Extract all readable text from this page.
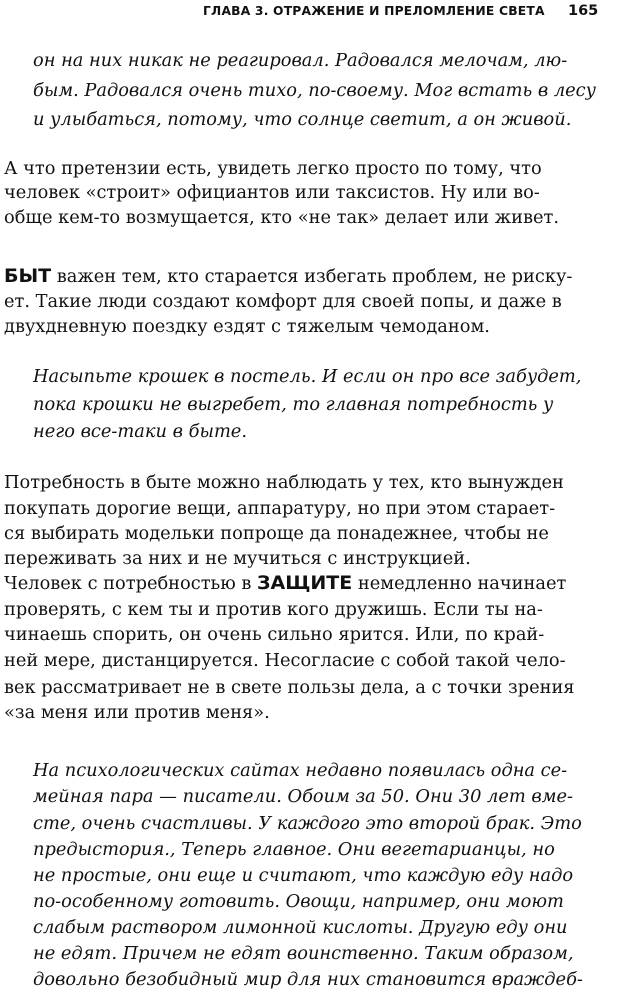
ГЛАВА 3. ОТРАЖЕНИЕ И ПРЕЛОМЛЕНИЕ СВЕТА 165
он на них никак не реагировал. Радовался мелочам, лю-
бым. Радовался очень тихо, по-своему. Мог встать в лесу
и улыбаться, потому, что солнце светит, а он живой.
А что претензии есть, увидеть легко просто по тому, что
человек «строит» официантов или таксистов. Ну или во-
обще кем-то возмущается, кто «не так» делает или живет.
БЫТ важен тем, кто старается избегать проблем, не риску-
ет. Такие люди создают комфорт для своей попы, и даже в
двухдневную поездку ездят с тяжелым чемоданом.
Насыпьте крошек в постель. И если он про все забудет,
пока крошки не выгребет, то главная потребность у
него все-таки в быте.
Потребность в быте можно наблюдать у тех, кто вынужден
покупать дорогие вещи, аппаратуру, но при этом старает-
ся выбирать модельки попроще да понадежнее, чтобы не
переживать за них и не мучиться с инструкцией.
Человек с потребностью в ЗАЩИТЕ немедленно начинает
проверять, с кем ты и против кого дружишь. Если ты на-
чинаешь спорить, он очень сильно ярится. Или, по край-
ней мере, дистанцируется. Несогласие с собой такой чело-
век рассматривает не в свете пользы дела, а с точки зрения
«за меня или против меня».
На психологических сайтах недавно появилась одна се-
мейная пара — писатели. Обоим за 50. Они 30 лет вме-
сте, очень счастливы. У каждого это второй брак. Это
предыстория., Теперь главное. Они вегетарианцы, но
не простые, они еще и считают, что каждую еду надо
по-особенному готовить. Овощи, например, они моют
слабым раствором лимонной кислоты. Другую еду они
не едят. Причем не едят воинственно. Таким образом,
довольно безобидный мир для них становится враждеб-
